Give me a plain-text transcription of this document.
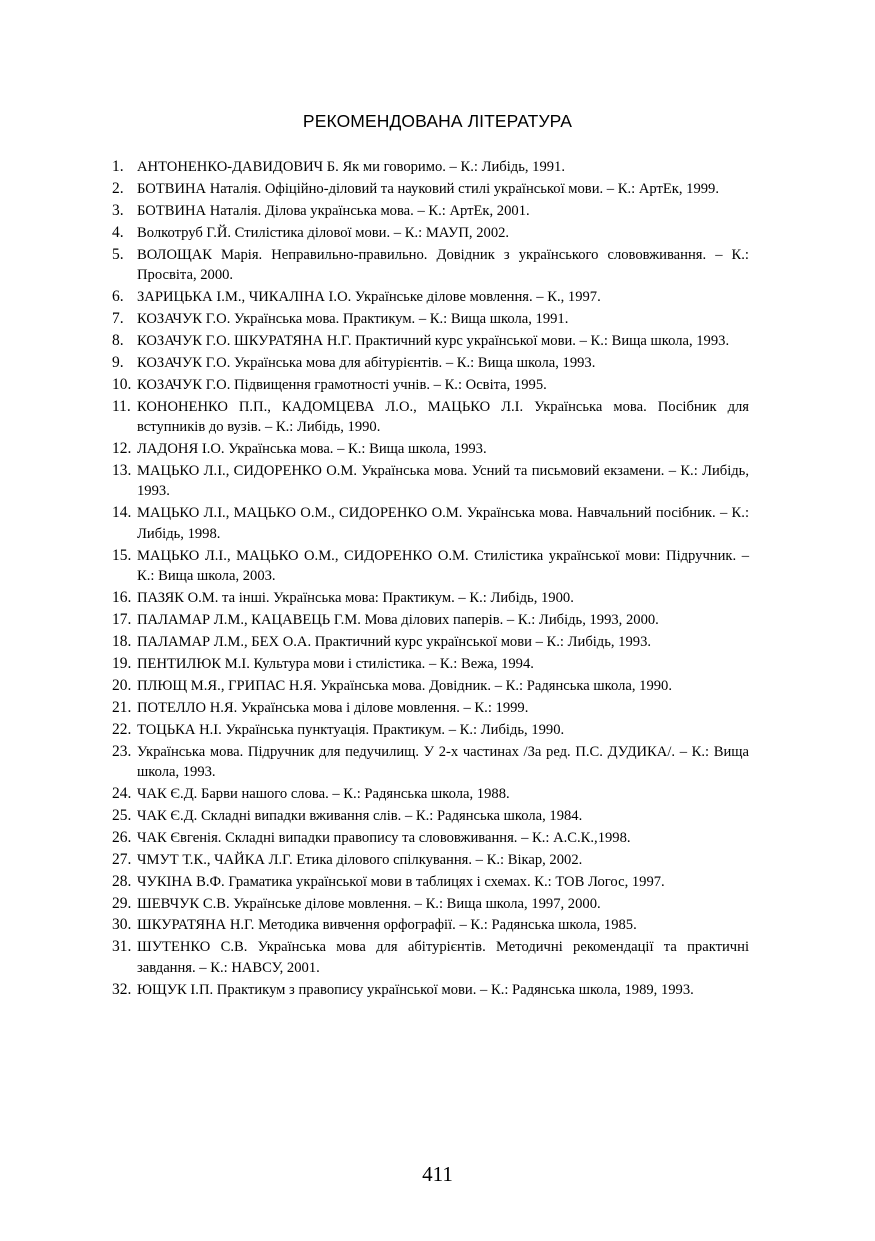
РЕКОМЕНДОВАНА ЛІТЕРАТУРА
1. АНТОНЕНКО-ДАВИДОВИЧ Б. Як ми говоримо. – К.: Либідь, 1991.
2. БОТВИНА Наталія. Офіційно-діловий та науковий стилі української мови. – К.: АртЕк, 1999.
3. БОТВИНА Наталія. Ділова українська мова. – К.: АртЕк, 2001.
4. Волкотруб Г.Й. Стилістика ділової мови. – К.: МАУП, 2002.
5. ВОЛОЩАК Марія. Неправильно-правильно. Довідник з українського слововживання. – К.: Просвіта, 2000.
6. ЗАРИЦЬКА І.М., ЧИКАЛІНА І.О. Українське ділове мовлення. – К., 1997.
7. КОЗАЧУК Г.О. Українська мова. Практикум. – К.: Вища школа, 1991.
8. КОЗАЧУК Г.О. ШКУРАТЯНА Н.Г. Практичний курс української мови. – К.: Вища школа, 1993.
9. КОЗАЧУК Г.О. Українська мова для абітурієнтів. – К.: Вища школа, 1993.
10. КОЗАЧУК Г.О. Підвищення грамотності учнів. – К.: Освіта, 1995.
11. КОНОНЕНКО П.П., КАДОМЦЕВА Л.О., МАЦЬКО Л.І. Українська мова. Посібник для вступників до вузів. – К.: Либідь, 1990.
12. ЛАДОНЯ І.О. Українська мова. – К.: Вища школа, 1993.
13. МАЦЬКО Л.І., СИДОРЕНКО О.М. Українська мова. Усний та письмовий екзамени. – К.: Либідь, 1993.
14. МАЦЬКО Л.І., МАЦЬКО О.М., СИДОРЕНКО О.М. Українська мова. Навчальний посібник. – К.: Либідь, 1998.
15. МАЦЬКО Л.І., МАЦЬКО О.М., СИДОРЕНКО О.М. Стилістика української мови: Підручник. – К.: Вища школа, 2003.
16. ПАЗЯК О.М. та інші. Українська мова: Практикум. – К.: Либідь, 1900.
17. ПАЛАМАР Л.М., КАЦАВЕЦЬ Г.М. Мова ділових паперів. – К.: Либідь, 1993, 2000.
18. ПАЛАМАР Л.М., БЕХ О.А. Практичний курс української мови – К.: Либідь, 1993.
19. ПЕНТИЛЮК М.І. Культура мови і стилістика. – К.: Вежа, 1994.
20. ПЛЮЩ М.Я., ГРИПАС Н.Я. Українська мова. Довідник. – К.: Радянська школа, 1990.
21. ПОТЕЛЛО Н.Я. Українська мова і ділове мовлення. – К.: 1999.
22. ТОЦЬКА Н.І. Українська пунктуація. Практикум. – К.: Либідь, 1990.
23. Українська мова. Підручник для педучилищ. У 2-х частинах /За ред. П.С. ДУДИКА/. – К.: Вища школа, 1993.
24. ЧАК Є.Д. Барви нашого слова. – К.: Радянська школа, 1988.
25. ЧАК Є.Д. Складні випадки вживання слів. – К.: Радянська школа, 1984.
26. ЧАК Євгенія. Складні випадки правопису та слововживання. – К.: А.С.К.,1998.
27. ЧМУТ Т.К., ЧАЙКА Л.Г. Етика ділового спілкування. – К.: Вікар, 2002.
28. ЧУКІНА В.Ф. Граматика української мови в таблицях і схемах. К.: ТОВ Логос, 1997.
29. ШЕВЧУК С.В. Українське ділове мовлення. – К.: Вища школа, 1997, 2000.
30. ШКУРАТЯНА Н.Г. Методика вивчення орфографії. – К.: Радянська школа, 1985.
31. ШУТЕНКО С.В. Українська мова для абітурієнтів. Методичні рекомендації та практичні завдання. – К.: НАВСУ, 2001.
32. ЮЩУК І.П. Практикум з правопису української мови. – К.: Радянська школа, 1989, 1993.
411
